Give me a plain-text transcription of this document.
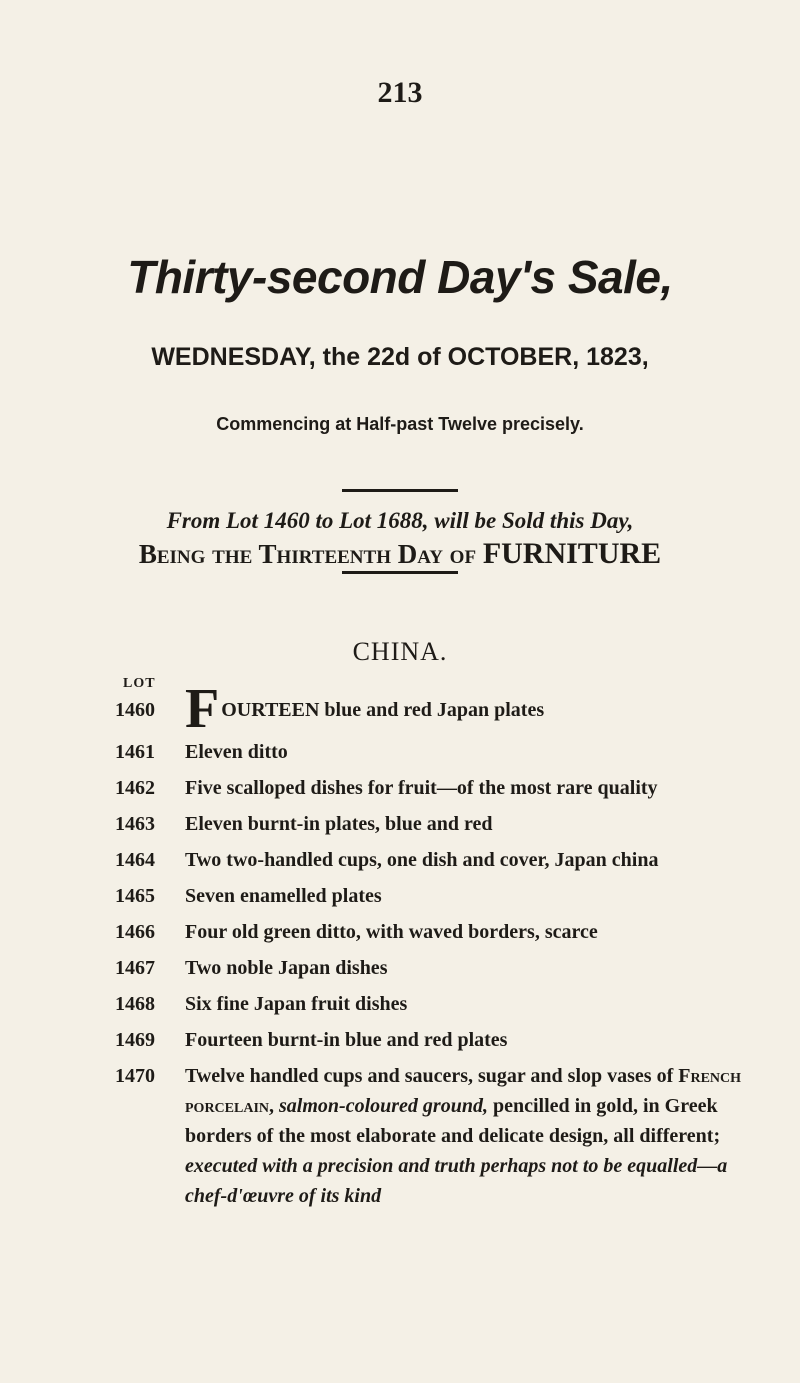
213
Thirty-second Day's Sale,
WEDNESDAY, the 22d of OCTOBER, 1823,
Commencing at Half-past Twelve precisely.
From Lot 1460 to Lot 1688, will be Sold this Day,
Being the Thirteenth Day of FURNITURE
CHINA.
LOT
1460 FOURTEEN blue and red Japan plates
1461	Eleven ditto
1462	Five scalloped dishes for fruit—of the most rare quality
1463	Eleven burnt-in plates, blue and red
1464	Two two-handled cups, one dish and cover, Japan china
1465	Seven enamelled plates
1466	Four old green ditto, with waved borders, scarce
1467	Two noble Japan dishes
1468	Six fine Japan fruit dishes
1469	Fourteen burnt-in blue and red plates
1470	Twelve handled cups and saucers, sugar and slop vases of French porcelain, salmon-coloured ground, pencilled in gold, in Greek borders of the most elaborate and delicate design, all different; executed with a precision and truth perhaps not to be equalled—a chef-d'œuvre of its kind
